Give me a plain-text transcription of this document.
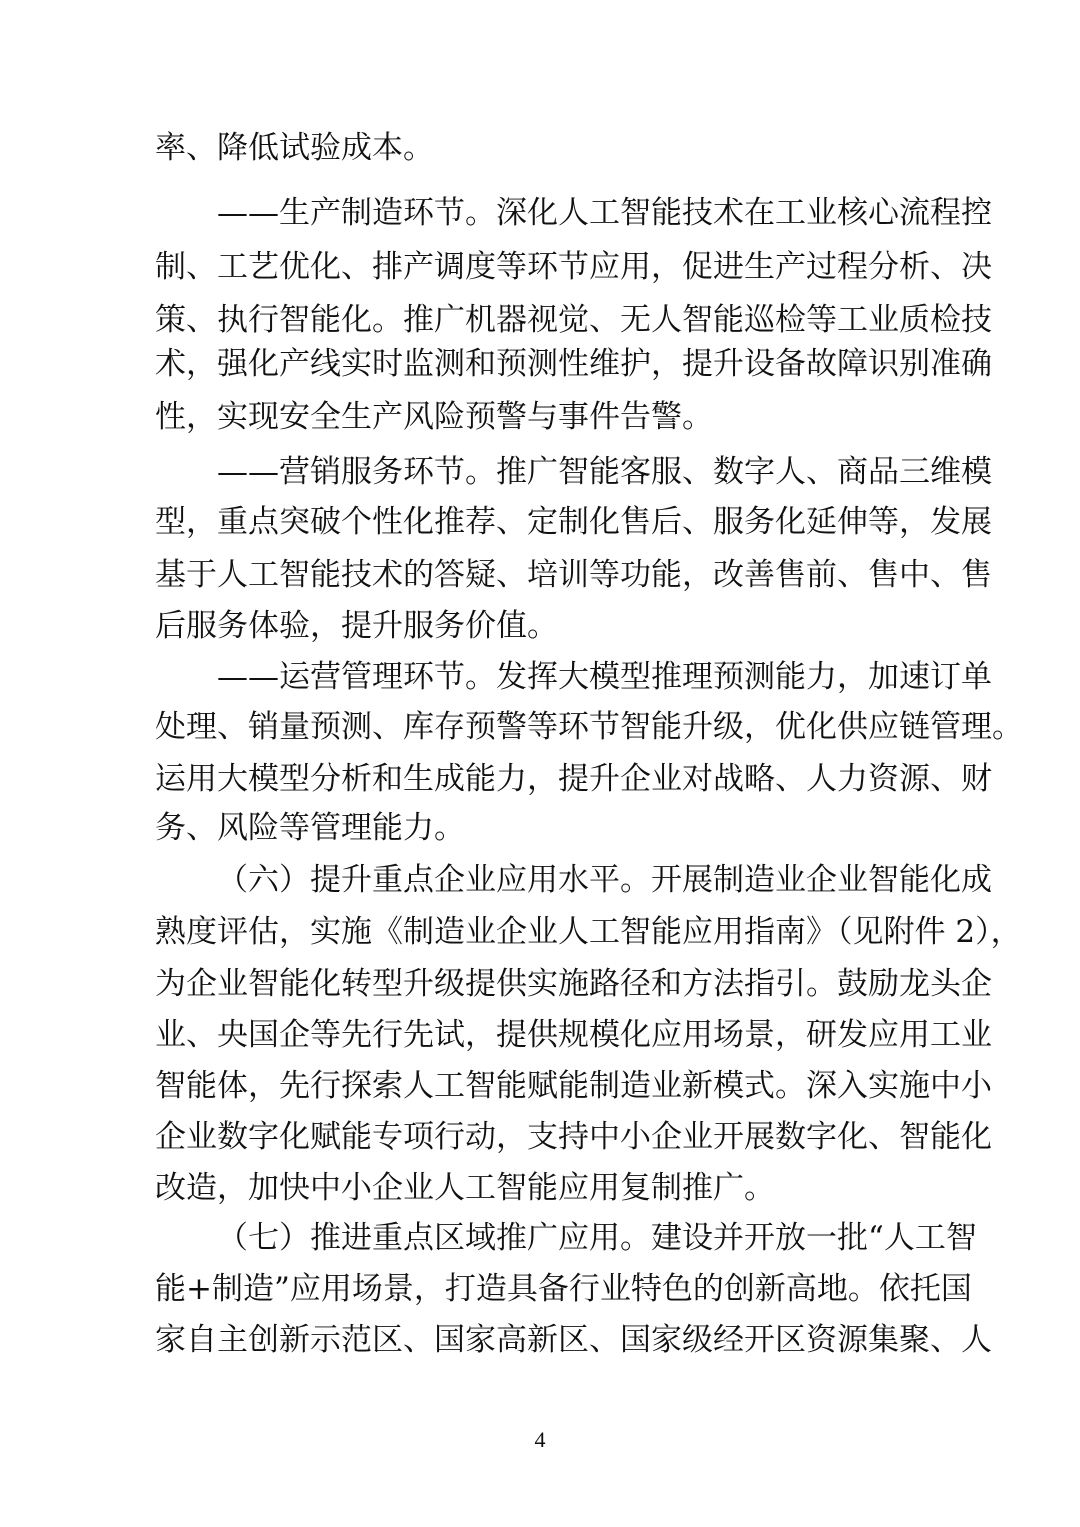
率、降低试验成本。
——生产制造环节。深化人工智能技术在工业核心流程控
制、工艺优化、排产调度等环节应用，促进生产过程分析、决
策、执行智能化。推广机器视觉、无人智能巡检等工业质检技
术，强化产线实时监测和预测性维护，提升设备故障识别准确
性，实现安全生产风险预警与事件告警。
——营销服务环节。推广智能客服、数字人、商品三维模
型，重点突破个性化推荐、定制化售后、服务化延伸等，发展
基于人工智能技术的答疑、培训等功能，改善售前、售中、售
后服务体验，提升服务价值。
——运营管理环节。发挥大模型推理预测能力，加速订单
处理、销量预测、库存预警等环节智能升级，优化供应链管理。
运用大模型分析和生成能力，提升企业对战略、人力资源、财
务、风险等管理能力。
（六）提升重点企业应用水平。开展制造业企业智能化成
熟度评估，实施《制造业企业人工智能应用指南》（见附件 2），
为企业智能化转型升级提供实施路径和方法指引。鼓励龙头企
业、央国企等先行先试，提供规模化应用场景，研发应用工业
智能体，先行探索人工智能赋能制造业新模式。深入实施中小
企业数字化赋能专项行动，支持中小企业开展数字化、智能化
改造，加快中小企业人工智能应用复制推广。
（七）推进重点区域推广应用。建设并开放一批“人工智
能+制造”应用场景，打造具备行业特色的创新高地。依托国
家自主创新示范区、国家高新区、国家级经开区资源集聚、人
4
